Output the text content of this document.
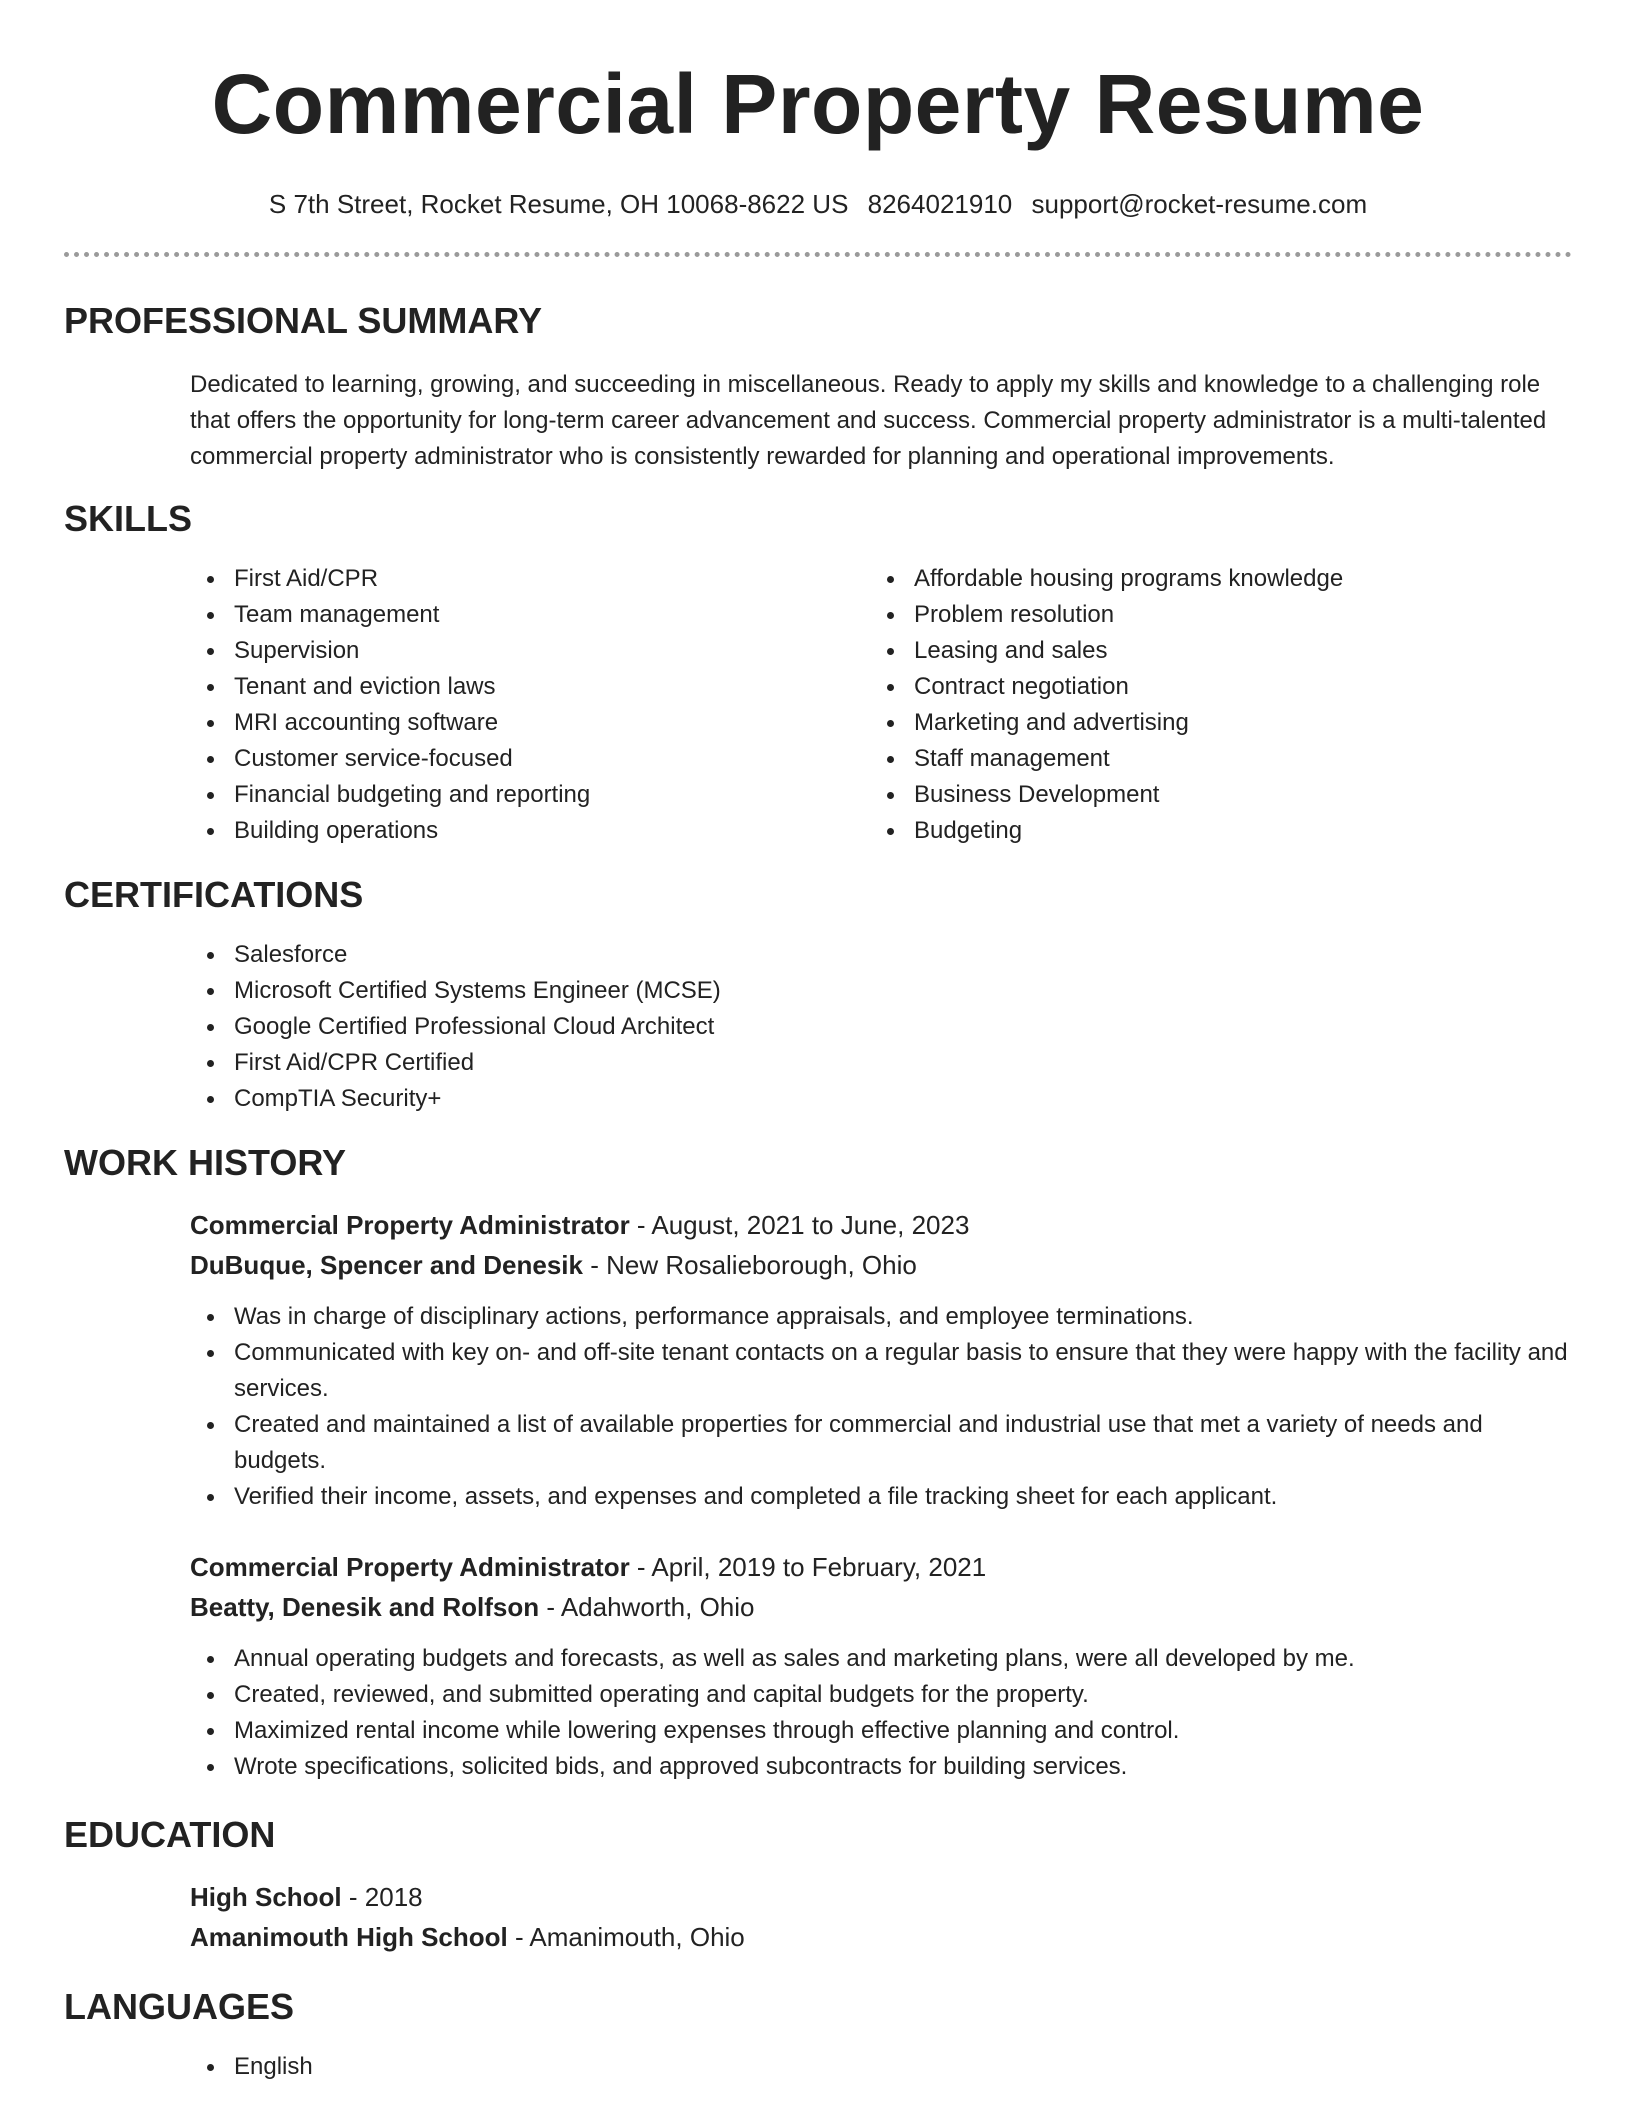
Commercial Property Resume
S 7th Street, Rocket Resume, OH 10068-8622 US 8264021910 support@rocket-resume.com
PROFESSIONAL SUMMARY

Dedicated to learning, growing, and succeeding in miscellaneous. Ready to apply my skills and knowledge to a challenging role that offers the opportunity for long-term career advancement and success. Commercial property administrator is a multi-talented commercial property administrator who is consistently rewarded for planning and operational improvements.

SKILLS
First Aid/CPR
Team management
Supervision
Tenant and eviction laws
MRI accounting software
Customer service-focused
Financial budgeting and reporting
Building operations
Affordable housing programs knowledge
Problem resolution
Leasing and sales
Contract negotiation
Marketing and advertising
Staff management
Business Development
Budgeting
CERTIFICATIONS
Salesforce
Microsoft Certified Systems Engineer (MCSE)
Google Certified Professional Cloud Architect
First Aid/CPR Certified
CompTIA Security+
WORK HISTORY
Commercial Property Administrator - August, 2021 to June, 2023
DuBuque, Spencer and Denesik - New Rosalieborough, Ohio
Was in charge of disciplinary actions, performance appraisals, and employee terminations.
Communicated with key on- and off-site tenant contacts on a regular basis to ensure that they were happy with the facility and services.
Created and maintained a list of available properties for commercial and industrial use that met a variety of needs and budgets.
Verified their income, assets, and expenses and completed a file tracking sheet for each applicant.
Commercial Property Administrator - April, 2019 to February, 2021
Beatty, Denesik and Rolfson - Adahworth, Ohio
Annual operating budgets and forecasts, as well as sales and marketing plans, were all developed by me.
Created, reviewed, and submitted operating and capital budgets for the property.
Maximized rental income while lowering expenses through effective planning and control.
Wrote specifications, solicited bids, and approved subcontracts for building services.
EDUCATION
High School - 2018
Amanimouth High School - Amanimouth, Ohio
LANGUAGES
English
